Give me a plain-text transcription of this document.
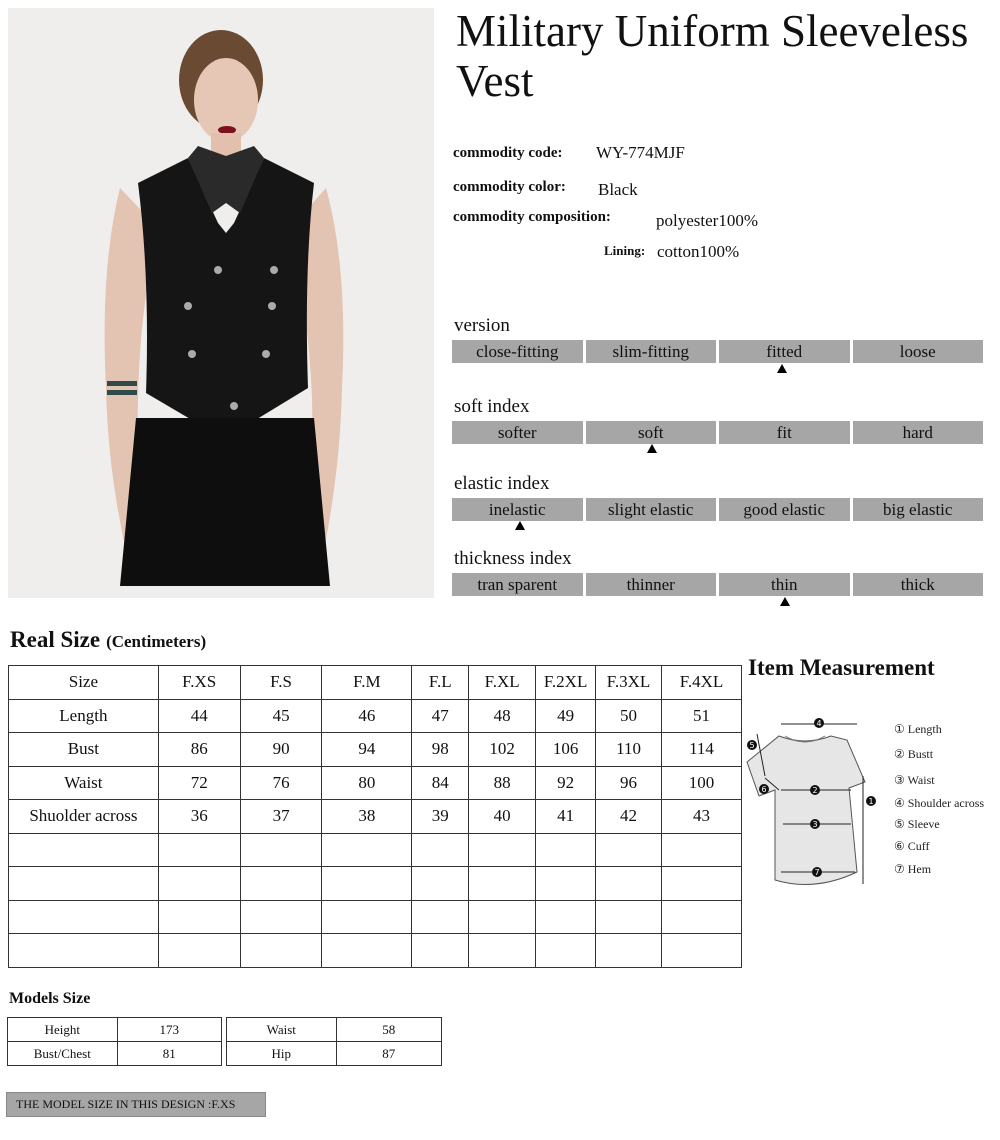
Military Uniform Sleeveless
Vest
commodity code: WY-774MJF
commodity color: Black
commodity composition:	polyester100%
Lining: cotton100%
version
close-fitting	slim-fitting	fitted	loose
soft index
softer	soft	fit	hard
elastic index
inelastic	slight elastic	good elastic	big elastic
thickness index
tran sparent	thinner	thin	thick
Real Size (Centimeters)
Size	F.XS	F.S	F.M	F.L	F.XL	F.2XL	F.3XL	F.4XL
Length	44	45	46	47	48	49	50	51
Bust	86	90	94	98	102	106	110	114
Waist	72	76	80	84	88	92	96	100
Shuolder across	36	37	38	39	40	41	42	43

Item Measurement
4
5
6	2
1
3
7
① Length
② Bustt
③ Waist
④ Shoulder across
⑤ Sleeve
⑥ Cuff
⑦ Hem
Models Size
Height	173
Bust/Chest	81
Waist	58
Hip	87
THE MODEL SIZE IN THIS DESIGN :F.XS
